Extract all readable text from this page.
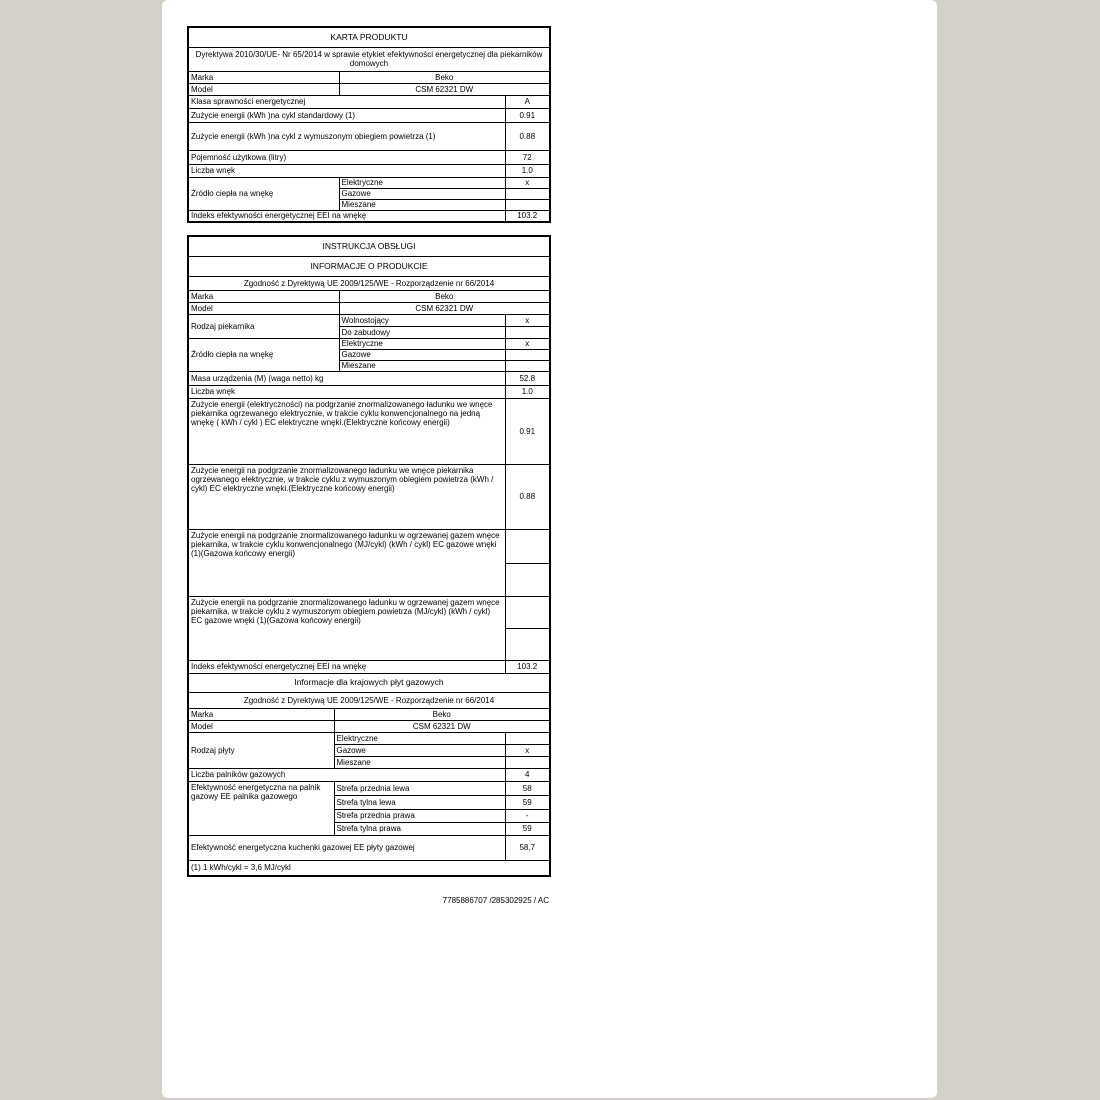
KARTA PRODUKTU		
Dyrektywa 2010/30/UE- Nr 65/2014 w sprawie etykiet efektywności energetycznej dla piekarników domowych		
Marka	Beko	
Model	CSM 62321 DW	
Klasa sprawności energetycznej		A
Zużycie energii (kWh )na cykl standardowy (1)		0.91
Zużycie energii (kWh )na cykl z wymuszonym obiegiem powietrza (1)		0.88
Pojemność użytkowa (litry)		72
Liczba wnęk		1.0
Źródło ciepła na wnękę	Elektryczne	x
	Gazowe	
	Mieszane	
Indeks efektywności energetycznej EEI na wnękę		103.2
INSTRUKCJA OBSŁUGI			
INFORMACJE O PRODUKCIE			
Zgodność z Dyrektywą UE 2009/125/WE - Rozporządzenie nr 66/2014			
Marka		Beko	
Model		CSM 62321 DW	
Rodzaj piekarnika		Wolnostojący	x
		Do zabudowy	
Źródło ciepła na wnękę		Elektryczne	x
		Gazowe	
		Mieszane	
Masa urządzenia (M) (waga netto) kg			52.8
Liczba wnęk			1.0
Zużycie energii (elektryczności) na podgrzanie znormalizowanego ładunku we wnęce piekarnika ogrzewanego elektrycznie, w trakcie cyklu konwencjonalnego na jedną wnękę ( kWh / cykl ) EC elektryczne wnęki.(Elektryczne końcowy energii)			0.91
Zużycie energii na podgrzanie znormalizowanego ładunku we wnęce piekarnika ogrzewanego elektrycznie, w trakcie cyklu z wymuszonym obiegiem powietrza (kWh / cykl) EC elektryczne wnęki.(Elektryczne końcowy energii)			0.88
Zużycie energii na podgrzanie znormalizowanego ładunku w ogrzewanej gazem wnęce piekarnika, w trakcie cyklu konwencjonalnego (MJ/cykl) (kWh / cykl) EC gazowe wnęki (1)(Gazowa końcowy energii)			

Zużycie energii na podgrzanie znormalizowanego ładunku w ogrzewanej gazem wnęce piekarnika, w trakcie cyklu z wymuszonym obiegiem powietrza (MJ/cykl) (kWh / cykl) EC gazowe wnęki (1)(Gazowa końcowy energii)			

Indeks efektywności energetycznej EEI na wnękę			103.2
Informacje dla krajowych płyt gazowych			
Zgodność z Dyrektywą UE 2009/125/WE - Rozporządzenie nr 66/2014			
Marka	Beko		
Model	CSM 62321 DW		
Rodzaj płyty	Elektryczne		
	Gazowe		x
	Mieszane		
Liczba palników gazowych			4
Efektywność energetyczna na palnik gazowy EE palnika gazowego	Strefa przednia lewa		58
	Strefa tylna lewa		59
	Strefa przednia prawa		-
	Strefa tylna prawa		59
Efektywność energetyczna kuchenki gazowej EE płyty gazowej			58,7
(1) 1 kWh/cykl = 3,6 MJ/cykl			
7785886707 /285302925 / AC
